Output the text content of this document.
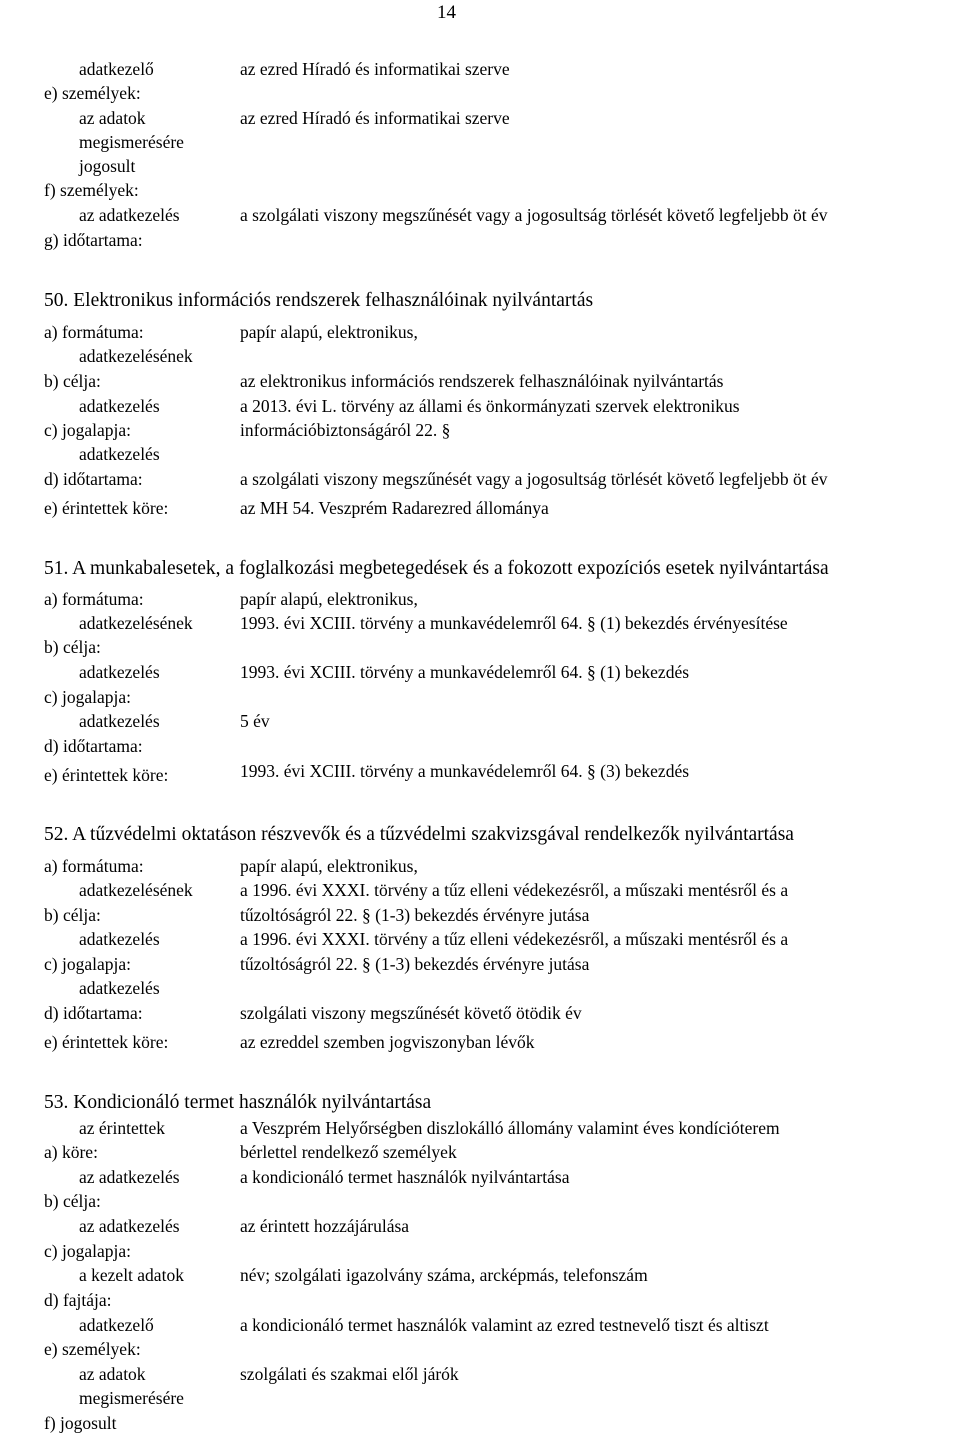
14
adatkezelő
e) személyek:
az adatok
megismerésére
jogosult
f) személyek:
az adatkezelés
g) időtartama:
az ezred Híradó és informatikai szerve
az ezred Híradó és informatikai szerve
a szolgálati viszony megszűnését vagy a jogosultság törlését követő legfeljebb öt év
50. Elektronikus információs rendszerek felhasználóinak nyilvántartás
a) formátuma:
adatkezelésének
b) célja:
adatkezelés
c) jogalapja:
adatkezelés
d) időtartama:
e) érintettek köre:
papír alapú, elektronikus,
az elektronikus információs rendszerek felhasználóinak nyilvántartás
a 2013. évi L. törvény az állami és önkormányzati szervek elektronikus
információbiztonságáról 22. §
a szolgálati viszony megszűnését vagy a jogosultság törlését követő legfeljebb öt év
az MH 54. Veszprém Radarezred állománya
51. A munkabalesetek, a foglalkozási megbetegedések és a fokozott expozíciós esetek nyilvántartása
a) formátuma:
adatkezelésének
b) célja:
adatkezelés
c) jogalapja:
adatkezelés
d) időtartama:
e) érintettek köre:
papír alapú, elektronikus,
1993. évi XCIII. törvény a munkavédelemről 64. § (1) bekezdés érvényesítése
1993. évi XCIII. törvény a munkavédelemről 64. § (1) bekezdés
5 év
1993. évi XCIII. törvény a munkavédelemről 64. § (3) bekezdés
52. A tűzvédelmi oktatáson részvevők és a tűzvédelmi szakvizsgával rendelkezők nyilvántartása
a) formátuma:
adatkezelésének
b) célja:
adatkezelés
c) jogalapja:
adatkezelés
d) időtartama:
e) érintettek köre:
papír alapú, elektronikus,
a 1996. évi XXXI. törvény a tűz elleni védekezésről, a műszaki mentésről és a
tűzoltóságról 22. § (1-3) bekezdés érvényre jutása
a 1996. évi XXXI. törvény a tűz elleni védekezésről, a műszaki mentésről és a
tűzoltóságról 22. § (1-3) bekezdés érvényre jutása
szolgálati viszony megszűnését követő ötödik év
az ezreddel szemben jogviszonyban lévők
53. Kondicionáló termet használók nyilvántartása
az érintettek
a) köre:
az adatkezelés
b) célja:
az adatkezelés
c) jogalapja:
a kezelt adatok
d) fajtája:
adatkezelő
e) személyek:
az adatok
megismerésére
f) jogosult
a Veszprém Helyőrségben diszlokálló állomány valamint éves kondícióterem
bérlettel rendelkező személyek
a kondicionáló termet használók nyilvántartása
az érintett hozzájárulása
név; szolgálati igazolvány száma, arcképmás, telefonszám
a kondicionáló termet használók valamint az ezred testnevelő tiszt és altiszt
szolgálati és szakmai elől járók
